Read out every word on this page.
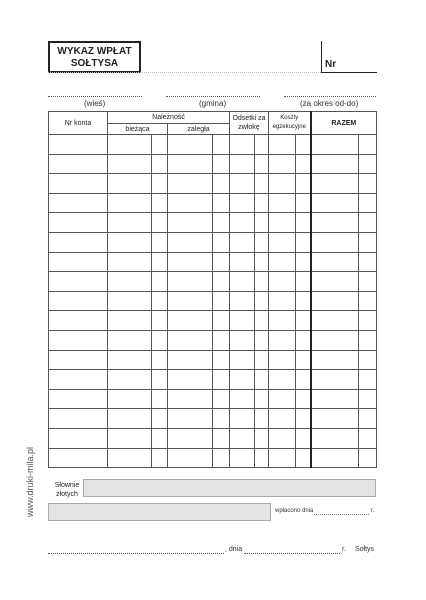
WYKAZ WPŁAT
SOŁTYSA	Nr
(wieś)	(gmina)	(za okres od-do)
Nr konta	Należność				Odsetki za zwłokę		Koszty egzekucyjne		RAZEM	
	bieżąca		zaległa							

Słownie złotych
wpłacono dnia	r.
, dnia	r. Sołtys
www.druki-mila.pl
